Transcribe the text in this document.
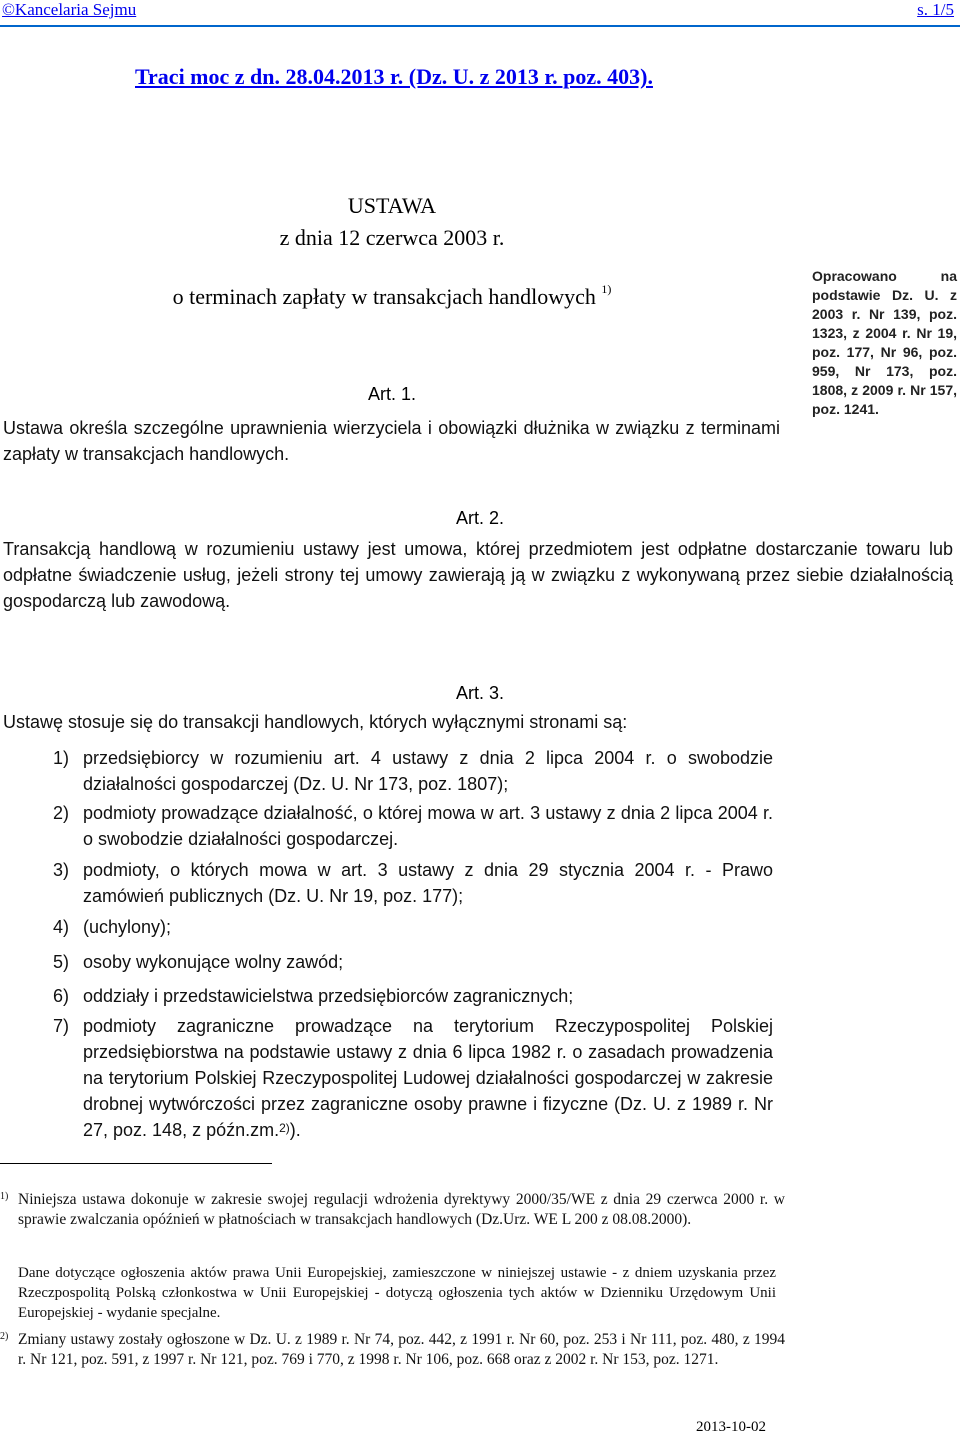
©Kancelaria Sejmu	s. 1/5
Traci moc z dn. 28.04.2013 r. (Dz. U. z 2013 r. poz. 403).
USTAWA
z dnia 12 czerwca 2003 r.
o terminach zapłaty w transakcjach handlowych $^{1)}$
Opracowano na podstawie Dz. U. z 2003 r. Nr 139, poz. 1323, z 2004 r. Nr 19, poz. 177, Nr 96, poz. 959, Nr 173, poz. 1808, z 2009 r. Nr 157, poz. 1241.
Art. 1.
Ustawa określa szczególne uprawnienia wierzyciela i obowiązki dłużnika w związku z terminami zapłaty w transakcjach handlowych.
Art. 2.
Transakcją handlową w rozumieniu ustawy jest umowa, której przedmiotem jest odpłatne dostarczanie towaru lub odpłatne świadczenie usług, jeżeli strony tej umowy zawierają ją w związku z wykonywaną przez siebie działalnością gospodarczą lub zawodową.
Art. 3.
Ustawę stosuje się do transakcji handlowych, których wyłącznymi stronami są:
1) przedsiębiorcy w rozumieniu art. 4 ustawy z dnia 2 lipca 2004 r. o swobodzie działalności gospodarczej (Dz. U. Nr 173, poz. 1807);
2) podmioty prowadzące działalność, o której mowa w art. 3 ustawy z dnia 2 lipca 2004 r. o swobodzie działalności gospodarczej.
3) podmioty, o których mowa w art. 3 ustawy z dnia 29 stycznia 2004 r. - Prawo zamówień publicznych (Dz. U. Nr 19, poz. 177);
4) (uchylony);
5) osoby wykonujące wolny zawód;
6) oddziały i przedstawicielstwa przedsiębiorców zagranicznych;
7) podmioty zagraniczne prowadzące na terytorium Rzeczypospolitej Polskiej przedsiębiorstwa na podstawie ustawy z dnia 6 lipca 1982 r. o zasadach prowadzenia na terytorium Polskiej Rzeczypospolitej Ludowej działalności gospodarczej w zakresie drobnej wytwórczości przez zagraniczne osoby prawne i fizyczne (Dz. U. z 1989 r. Nr 27, poz. 148, z późn.zm.$^{2)}$).
1) Niniejsza ustawa dokonuje w zakresie swojej regulacji wdrożenia dyrektywy 2000/35/WE z dnia 29 czerwca 2000 r. w sprawie zwalczania opóźnień w płatnościach w transakcjach handlowych (Dz.Urz. WE L 200 z 08.08.2000).
Dane dotyczące ogłoszenia aktów prawa Unii Europejskiej, zamieszczone w niniejszej ustawie - z dniem uzyskania przez Rzeczpospolitą Polską członkostwa w Unii Europejskiej - dotyczą ogłoszenia tych aktów w Dzienniku Urzędowym Unii Europejskiej - wydanie specjalne.
2) Zmiany ustawy zostały ogłoszone w Dz. U. z 1989 r. Nr 74, poz. 442, z 1991 r. Nr 60, poz. 253 i Nr 111, poz. 480, z 1994 r. Nr 121, poz. 591, z 1997 r. Nr 121, poz. 769 i 770, z 1998 r. Nr 106, poz. 668 oraz z 2002 r. Nr 153, poz. 1271.
2013-10-02
